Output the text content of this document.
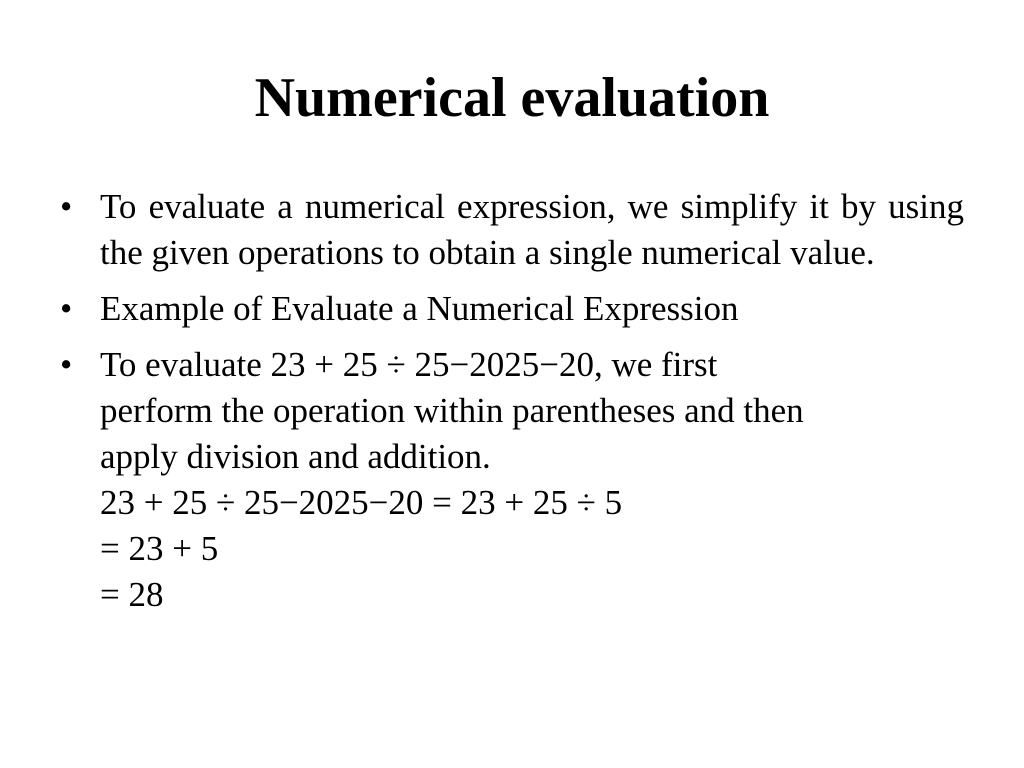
Numerical evaluation
• To evaluate a numerical expression, we simplify it by using the given operations to obtain a single numerical value.
• Example of Evaluate a Numerical Expression
• To evaluate 23 + 25 ÷ 25−2025−20, we first
perform the operation within parentheses and then
apply division and addition.
23 + 25 ÷ 25−2025−20 = 23 + 25 ÷ 5
= 23 + 5
= 28
